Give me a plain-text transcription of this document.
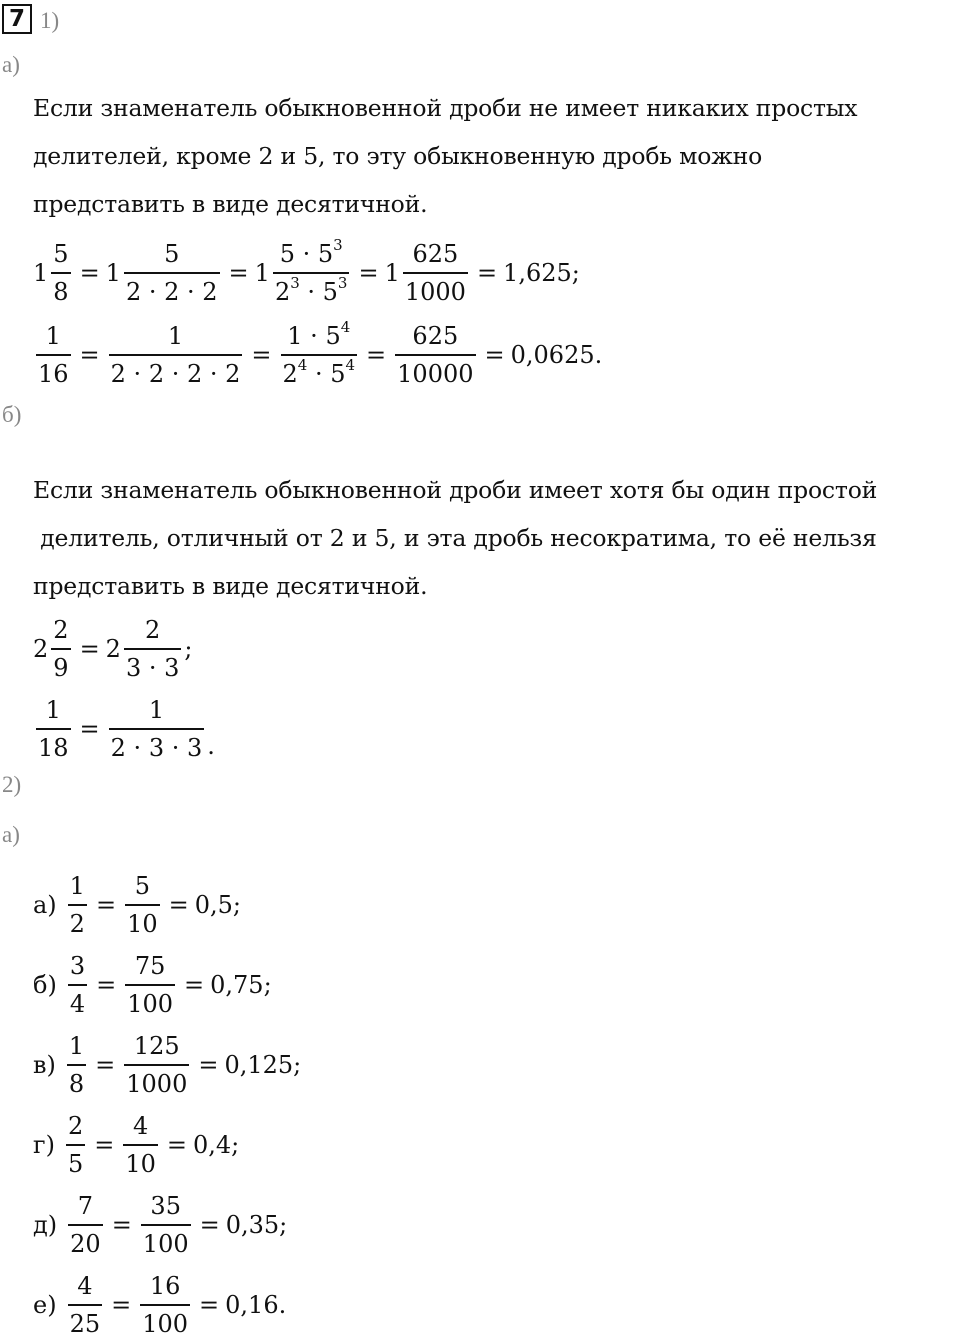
7 1)
а)
Если знаменатель обыкновенной дроби не имеет никаких простых
делителей, кроме 2 и 5, то эту обыкновенную дробь можно
представить в виде десятичной.
$1 \frac{5}{8} = 1 \frac{5}{2 \cdot 2 \cdot 2} = 1 \frac{5 \cdot 5^3}{2^3 \cdot 5^3} = 1 \frac{625}{1000} = 1,625$;
$\frac{1}{16} = \frac{1}{2 \cdot 2 \cdot 2 \cdot 2} = \frac{1 \cdot 5^4}{2^4 \cdot 5^4} = \frac{625}{10000} = 0,0625$.
б)
Если знаменатель обыкновенной дроби имеет хотя бы один простой
делитель, отличный от 2 и 5, и эта дробь несократима, то её нельзя
представить в виде десятичной.
$2 \frac{2}{9} = 2 \frac{2}{3 \cdot 3}$ ;
$\frac{1}{18} = \frac{1}{2 \cdot 3 \cdot 3}$ .
2)
а)
$а) \frac{1}{2} = \frac{5}{10} = 0,5$;
$б) \frac{3}{4} = \frac{75}{100} = 0,75$;
$в) \frac{1}{8} = \frac{125}{1000} = 0,125$;
$г) \frac{2}{5} = \frac{4}{10} = 0,4$;
$д) \frac{7}{20} = \frac{35}{100} = 0,35$;
$е) \frac{4}{25} = \frac{16}{100} = 0,16$.
